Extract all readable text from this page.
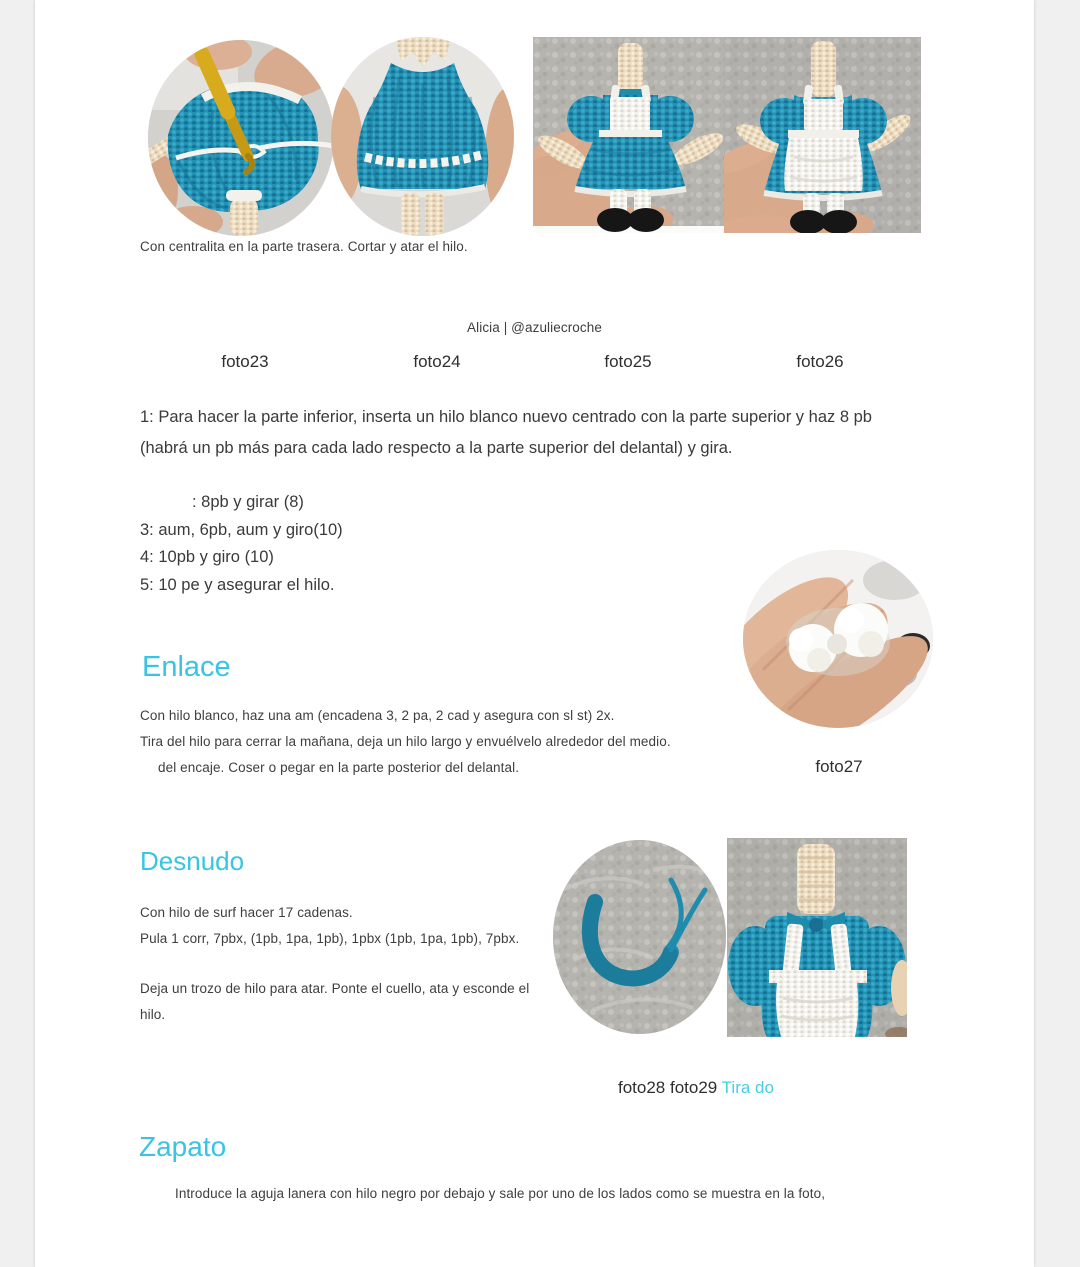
Con centralita en la parte trasera. Cortar y atar el hilo.
Alicia | @azuliecroche
foto23	foto24	foto25	foto26
1: Para hacer la parte inferior, inserta un hilo blanco nuevo centrado con la parte superior y haz 8 pb (habrá un pb más para cada lado respecto a la parte superior del delantal) y gira.
: 8pb y girar (8)
3: aum, 6pb, aum y giro(10)
4: 10pb y giro (10)
5: 10 pe y asegurar el hilo.
foto27
Enlace
Con hilo blanco, haz una am (encadena 3, 2 pa, 2 cad y asegura con sl st) 2x.
Tira del hilo para cerrar la mañana, deja un hilo largo y envuélvelo alrededor del medio.
del encaje. Coser o pegar en la parte posterior del delantal.
Desnudo
Con hilo de surf hacer 17 cadenas.
Pula 1 corr, 7pbx, (1pb, 1pa, 1pb), 1pbx (1pb, 1pa, 1pb), 7pbx.
Deja un trozo de hilo para atar. Ponte el cuello, ata y esconde el
hilo.
foto28 foto29 Tira do
Zapato
Introduce la aguja lanera con hilo negro por debajo y sale por uno de los lados como se muestra en la foto,
